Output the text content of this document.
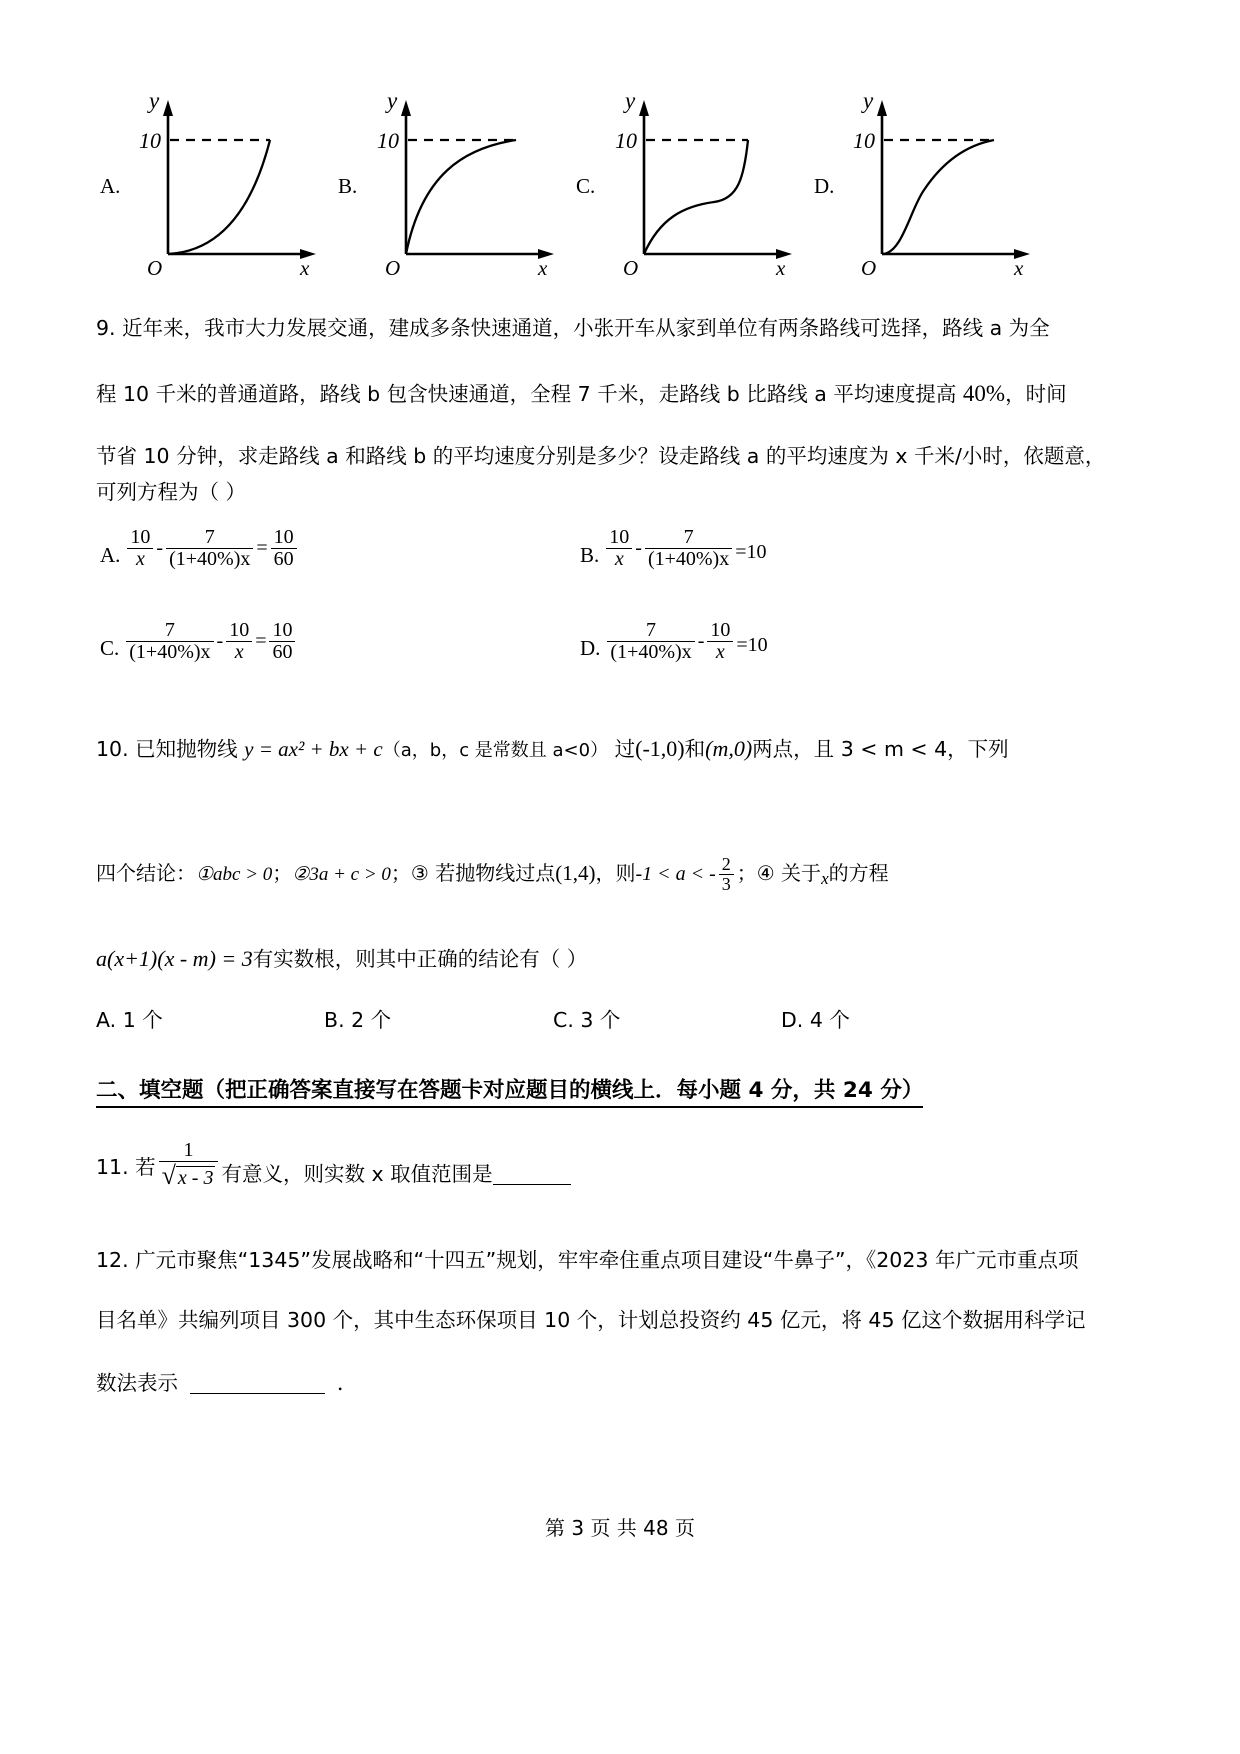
A.
10
y
O	x
B.
10
y
O	x
C.
10
y
O	x
D.
10
y
O	x
9. 近年来，我市大力发展交通，建成多条快速通道，小张开车从家到单位有两条路线可选择，路线 a 为全
程 10 千米的普通道路，路线 b 包含快速通道，全程 7 千米，走路线 b 比路线 a 平均速度提高 40%，时间
节省 10 分钟，求走路线 a 和路线 b 的平均速度分别是多少？设走路线 a 的平均速度为 x 千米/小时，依题意，
可列方程为（ ）
A. $\frac{10}{x} - \frac{7}{(1+40\%)x} = \frac{10}{60}$	B. $\frac{10}{x} - \frac{7}{(1+40\%)x} =10$
C. $\frac{7}{(1+40\%)x} - \frac{10}{x} = \frac{10}{60}$	D. $\frac{7}{(1+40\%)x} - \frac{10}{x} =10$
10. 已知抛物线 y = ax² + bx + c（a，b，c 是常数且 a<0） 过(-1,0)和(m,0)两点，且 3 < m < 4，下列
四个结论：①abc > 0；②3a + c > 0；③ 若抛物线过点(1,4)，则-1 < a < - $\frac{2}{3}$ ；④ 关于$_x$的方程
a(x+1)(x - m) = 3有实数根，则其中正确的结论有（ ）
A. 1 个	B. 2 个	C. 3 个	D. 4 个
二、填空题（把正确答案直接写在答题卡对应题目的横线上．每小题 4 分，共 24 分）
11. 若 $\frac{1}{√ x - 3}$ 有意义，则实数 x 取值范围是
12. 广元市聚焦“1345”发展战略和“十四五”规划，牢牢牵住重点项目建设“牛鼻子”，《2023 年广元市重点项
目名单》共编列项目 300 个，其中生态环保项目 10 个，计划总投资约 45 亿元，将 45 亿这个数据用科学记
数法表示	．
第 3 页 共 48 页
